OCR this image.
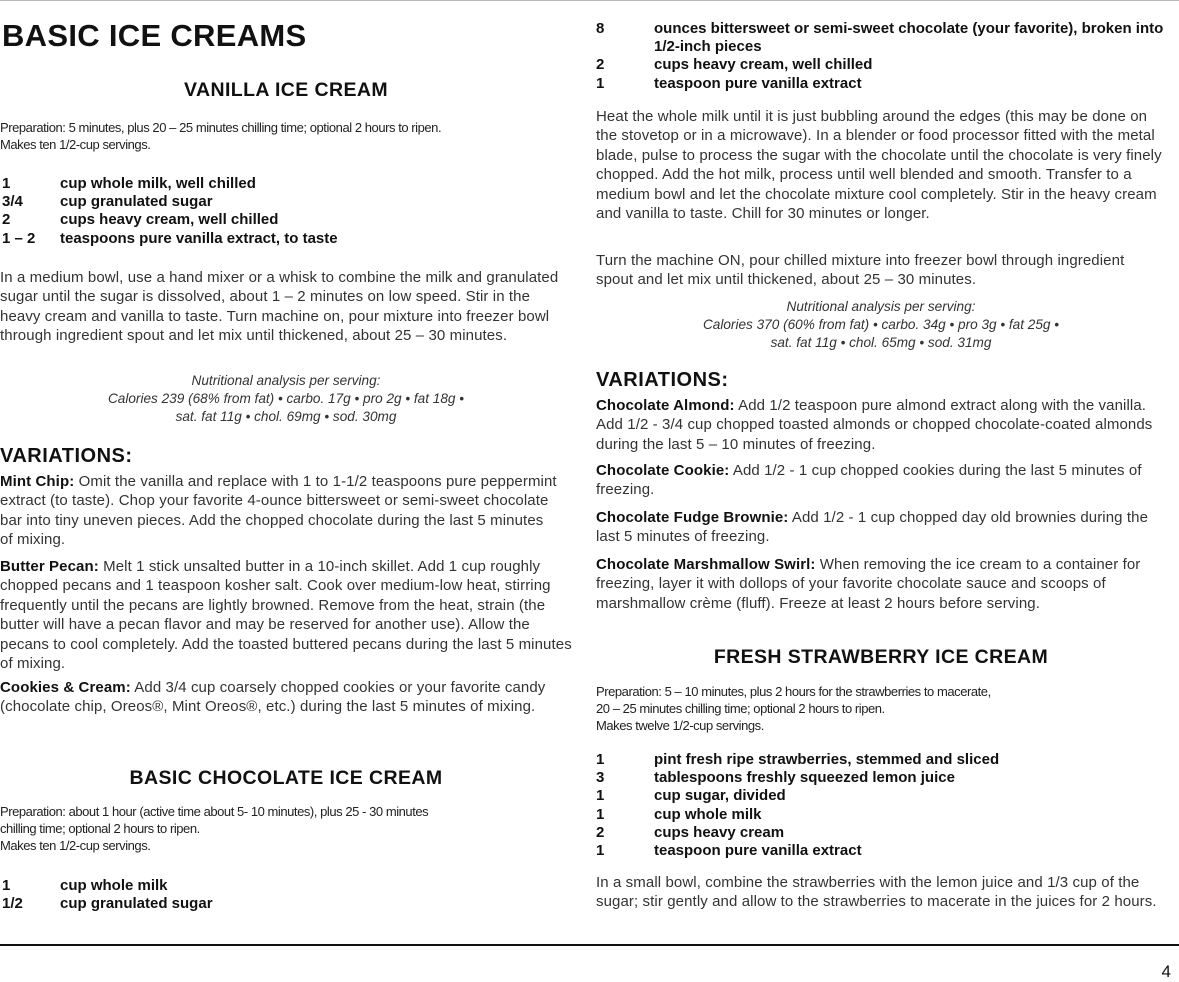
BASIC ICE CREAMS
VANILLA ICE CREAM
Preparation: 5 minutes, plus 20 – 25 minutes chilling time; optional 2 hours to ripen.
Makes ten 1/2-cup servings.
1	cup whole milk, well chilled
3/4	cup granulated sugar
2	cups heavy cream, well chilled
1 – 2	teaspoons pure vanilla extract, to taste

In a medium bowl, use a hand mixer or a whisk to combine the milk and granulated sugar until the sugar is dissolved, about 1 – 2 minutes on low speed. Stir in the heavy cream and vanilla to taste. Turn machine on, pour mixture into freezer bowl through ingredient spout and let mix until thickened, about 25 – 30 minutes.

Nutritional analysis per serving:
Calories 239 (68% from fat) • carbo. 17g • pro 2g • fat 18g •
sat. fat 11g • chol. 69mg • sod. 30mg
VARIATIONS:

Mint Chip: Omit the vanilla and replace with 1 to 1-1/2 teaspoons pure peppermint extract (to taste). Chop your favorite 4-ounce bittersweet or semi-sweet chocolate bar into tiny uneven pieces. Add the chopped chocolate during the last 5 minutes of mixing.

Butter Pecan: Melt 1 stick unsalted butter in a 10-inch skillet. Add 1 cup roughly chopped pecans and 1 teaspoon kosher salt. Cook over medium-low heat, stirring frequently until the pecans are lightly browned. Remove from the heat, strain (the butter will have a pecan flavor and may be reserved for another use). Allow the pecans to cool completely. Add the toasted buttered pecans during the last 5 minutes of mixing.

Cookies & Cream: Add 3/4 cup coarsely chopped cookies or your favorite candy (chocolate chip, Oreos®, Mint Oreos®, etc.) during the last 5 minutes of mixing.

BASIC CHOCOLATE ICE CREAM
Preparation: about 1 hour (active time about 5- 10 minutes), plus 25 - 30 minutes
chilling time; optional 2 hours to ripen.
Makes ten 1/2-cup servings.
1	cup whole milk
1/2	cup granulated sugar
8	ounces bittersweet or semi-sweet chocolate (your favorite), broken into 1/2-inch pieces
2	cups heavy cream, well chilled
1	teaspoon pure vanilla extract

Heat the whole milk until it is just bubbling around the edges (this may be done on the stovetop or in a microwave). In a blender or food processor fitted with the metal blade, pulse to process the sugar with the chocolate until the chocolate is very finely chopped. Add the hot milk, process until well blended and smooth. Transfer to a medium bowl and let the chocolate mixture cool completely. Stir in the heavy cream and vanilla to taste. Chill for 30 minutes or longer.

Turn the machine ON, pour chilled mixture into freezer bowl through ingredient spout and let mix until thickened, about 25 – 30 minutes.

Nutritional analysis per serving:
Calories 370 (60% from fat) • carbo. 34g • pro 3g • fat 25g •
sat. fat 11g • chol. 65mg • sod. 31mg
VARIATIONS:

Chocolate Almond: Add 1/2 teaspoon pure almond extract along with the vanilla. Add 1/2 - 3/4 cup chopped toasted almonds or chopped chocolate-coated almonds during the last 5 – 10 minutes of freezing.

Chocolate Cookie: Add 1/2 - 1 cup chopped cookies during the last 5 minutes of freezing.

Chocolate Fudge Brownie: Add 1/2 - 1 cup chopped day old brownies during the last 5 minutes of freezing.

Chocolate Marshmallow Swirl: When removing the ice cream to a container for freezing, layer it with dollops of your favorite chocolate sauce and scoops of marshmallow crème (fluff). Freeze at least 2 hours before serving.

FRESH STRAWBERRY ICE CREAM
Preparation: 5 – 10 minutes, plus 2 hours for the strawberries to macerate,
20 – 25 minutes chilling time; optional 2 hours to ripen.
Makes twelve 1/2-cup servings.
1	pint fresh ripe strawberries, stemmed and sliced
3	tablespoons freshly squeezed lemon juice
1	cup sugar, divided
1	cup whole milk
2	cups heavy cream
1	teaspoon pure vanilla extract

In a small bowl, combine the strawberries with the lemon juice and 1/3 cup of the sugar; stir gently and allow to the strawberries to macerate in the juices for 2 hours.

4
